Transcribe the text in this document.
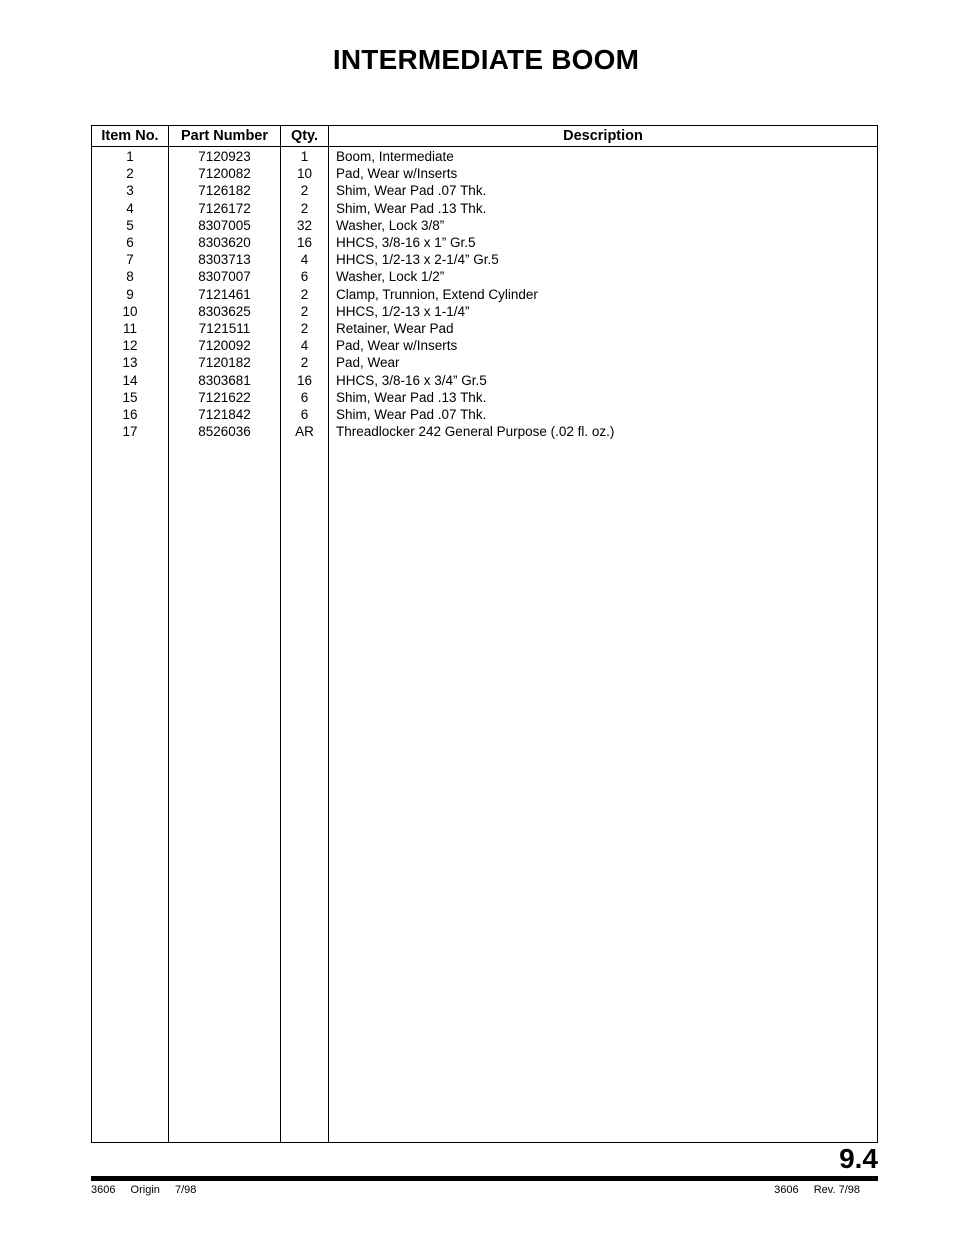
INTERMEDIATE BOOM
Item No.	Part Number	Qty.	Description
1	7120923	1	Boom, Intermediate
2	7120082	10	Pad, Wear w/Inserts
3	7126182	2	Shim, Wear Pad .07 Thk.
4	7126172	2	Shim, Wear Pad .13 Thk.
5	8307005	32	Washer, Lock 3/8”
6	8303620	16	HHCS, 3/8-16 x 1” Gr.5
7	8303713	4	HHCS, 1/2-13 x 2-1/4” Gr.5
8	8307007	6	Washer, Lock 1/2”
9	7121461	2	Clamp, Trunnion, Extend Cylinder
10	8303625	2	HHCS, 1/2-13 x 1-1/4”
11	7121511	2	Retainer, Wear Pad
12	7120092	4	Pad, Wear w/Inserts
13	7120182	2	Pad, Wear
14	8303681	16	HHCS, 3/8-16 x 3/4” Gr.5
15	7121622	6	Shim, Wear Pad .13 Thk.
16	7121842	6	Shim, Wear Pad .07 Thk.
17	8526036	AR	Threadlocker 242 General Purpose (.02 fl. oz.)
9.4
3606 Origin 7/98	3606 Rev. 7/98
